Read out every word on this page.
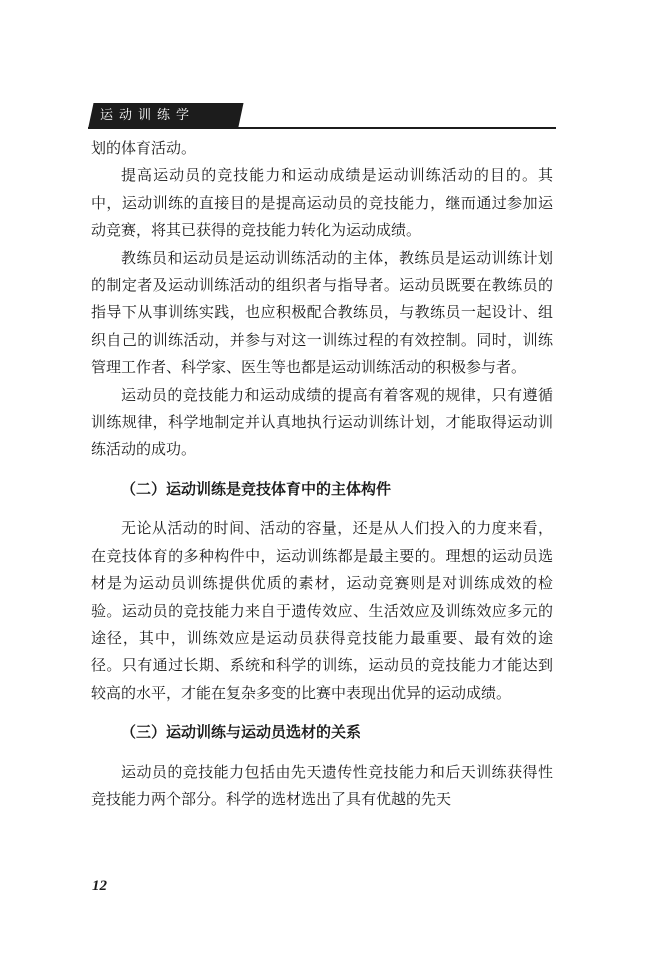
运动训练学

划的体育活动。

提高运动员的竞技能力和运动成绩是运动训练活动的目的。其中，运动训练的直接目的是提高运动员的竞技能力，继而通过参加运动竞赛，将其已获得的竞技能力转化为运动成绩。

教练员和运动员是运动训练活动的主体，教练员是运动训练计划的制定者及运动训练活动的组织者与指导者。运动员既要在教练员的指导下从事训练实践，也应积极配合教练员，与教练员一起设计、组织自己的训练活动，并参与对这一训练过程的有效控制。同时，训练管理工作者、科学家、医生等也都是运动训练活动的积极参与者。

运动员的竞技能力和运动成绩的提高有着客观的规律，只有遵循训练规律，科学地制定并认真地执行运动训练计划，才能取得运动训练活动的成功。

（二）运动训练是竞技体育中的主体构件

无论从活动的时间、活动的容量，还是从人们投入的力度来看，在竞技体育的多种构件中，运动训练都是最主要的。理想的运动员选材是为运动员训练提供优质的素材，运动竞赛则是对训练成效的检验。运动员的竞技能力来自于遗传效应、生活效应及训练效应多元的途径，其中，训练效应是运动员获得竞技能力最重要、最有效的途径。只有通过长期、系统和科学的训练，运动员的竞技能力才能达到较高的水平，才能在复杂多变的比赛中表现出优异的运动成绩。

（三）运动训练与运动员选材的关系

运动员的竞技能力包括由先天遗传性竞技能力和后天训练获得性竞技能力两个部分。科学的选材选出了具有优越的先天

12
